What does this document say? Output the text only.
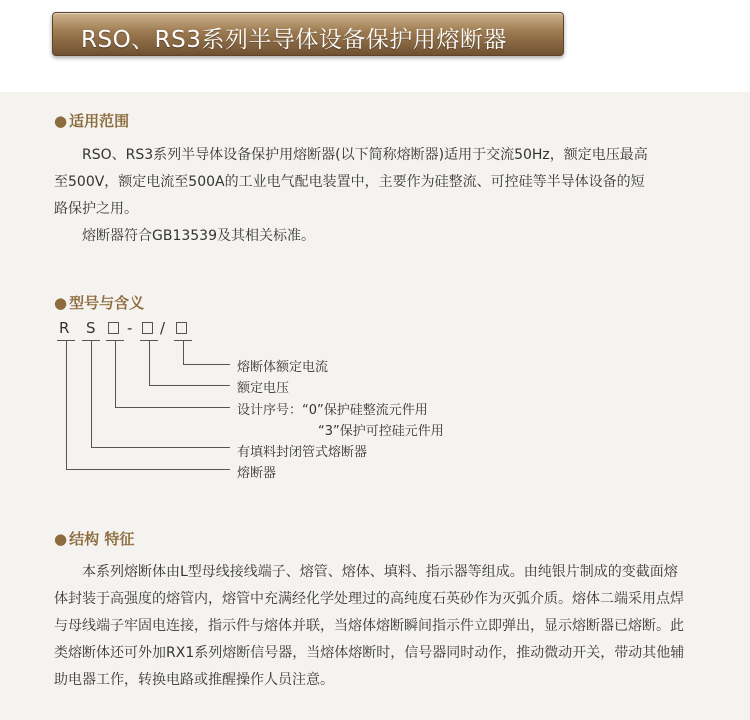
RSO、RS3系列半导体设备保护用熔断器
● 适用范围
RSO、RS3系列半导体设备保护用熔断器(以下简称熔断器)适用于交流50Hz，额定电压最高
至500V，额定电流至500A的工业电气配电装置中，主要作为硅整流、可控硅等半导体设备的短
路保护之用。
熔断器符合GB13539及其相关标准。
● 型号与含义
R S - /
熔断体额定电流
额定电压
设计序号：“0”保护硅整流元件用
“3”保护可控硅元件用
有填料封闭管式熔断器
熔断器
● 结构 特征
本系列熔断体由L型母线接线端子、熔管、熔体、填料、指示器等组成。由纯银片制成的变截面熔
体封装于高强度的熔管内，熔管中充满经化学处理过的高纯度石英砂作为灭弧介质。熔体二端采用点焊
与母线端子牢固电连接，指示件与熔体并联，当熔体熔断瞬间指示件立即弹出，显示熔断器已熔断。此
类熔断体还可外加RX1系列熔断信号器，当熔体熔断时，信号器同时动作，推动微动开关，带动其他辅
助电器工作，转换电路或推醒操作人员注意。
